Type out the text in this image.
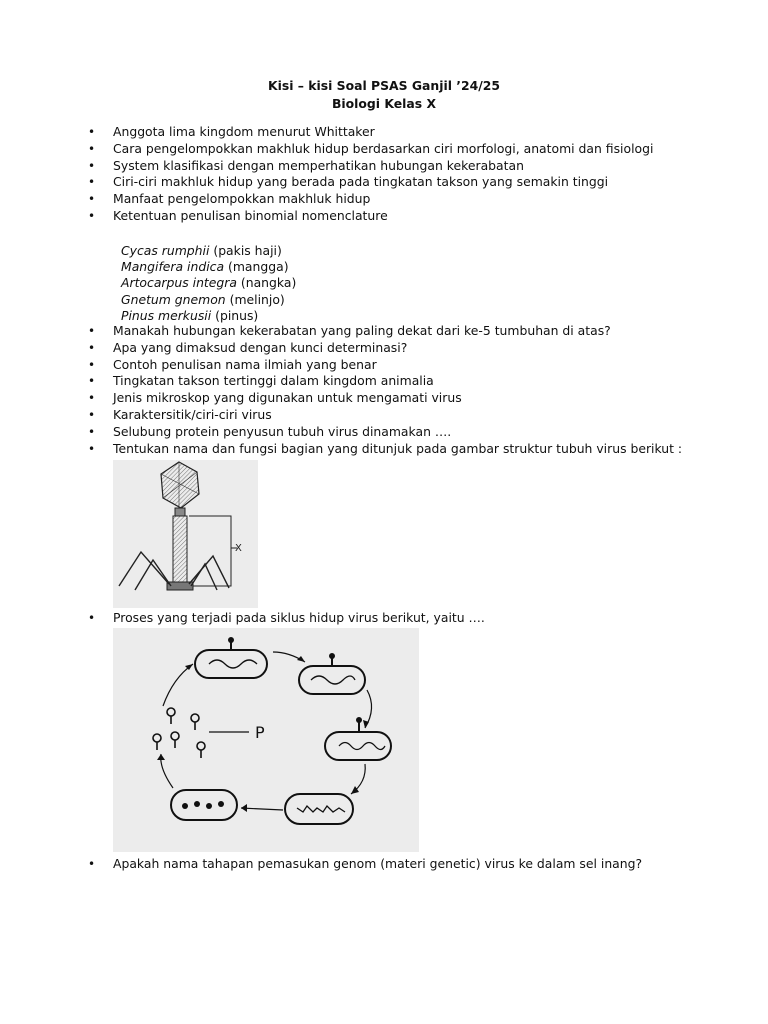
Kisi – kisi Soal PSAS Ganjil ’24/25
Biologi Kelas X
• Anggota lima kingdom menurut Whittaker
• Cara pengelompokkan makhluk hidup berdasarkan ciri morfologi, anatomi dan fisiologi
• System klasifikasi dengan memperhatikan hubungan kekerabatan
• Ciri-ciri makhluk hidup yang berada pada tingkatan takson yang semakin tinggi
• Manfaat pengelompokkan makhluk hidup
• Ketentuan penulisan binomial nomenclature
Cycas rumphii (pakis haji)
Mangifera indica (mangga)
Artocarpus integra (nangka)
Gnetum gnemon (melinjo)
Pinus merkusii (pinus)
• Manakah hubungan kekerabatan yang paling dekat dari ke-5 tumbuhan di atas?
• Apa yang dimaksud dengan kunci determinasi?
• Contoh penulisan nama ilmiah yang benar
• Tingkatan takson tertinggi dalam kingdom animalia
• Jenis mikroskop yang digunakan untuk mengamati virus
• Karaktersitik/ciri-ciri virus
• Selubung protein penyusun tubuh virus dinamakan ….
• Tentukan nama dan fungsi bagian yang ditunjuk pada gambar struktur tubuh virus berikut :
X
• Proses yang terjadi pada siklus hidup virus berikut, yaitu ….
P
• Apakah nama tahapan pemasukan genom (materi genetic) virus ke dalam sel inang?
